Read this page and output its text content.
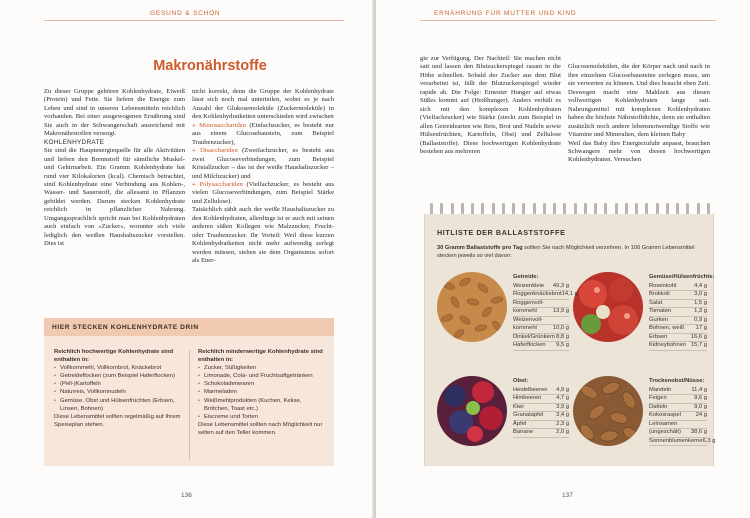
GESUND & SCHÖN
Makronährstoffe

Zu dieser Gruppe gehören Kohlenhydrate, Eiweiß (Protein) und Fette. Sie liefern die Energie zum Leben und sind in unseren Lebensmitteln reichlich vorhanden. Bei einer ausgewogenen Ernährung sind Sie auch in der Schwangerschaft ausreichend mit Makronährstoffen versorgt.

KOHLENHYDRATE

Sie sind die Hauptenergiequelle für alle Aktivitäten und liefern den Brennstoff für sämtliche Muskel- und Gehirnarbeit. Ein Gramm Kohlenhydrate hat rund vier Kilokalorien (kcal). Chemisch betrachtet, sind Kohlenhydrate eine Verbindung aus Kohlen-, Wasser- und Sauerstoff, die allesamt in Pflanzen gebildet werden. Darum stecken Kohlenhydrate reichlich in pflanzlicher Nahrung. Umgangssprachlich spricht man bei Kohlenhydraten auch einfach von »Zucker«, worunter sich viele lediglich den weißen Haushaltszucker vorstellen. Dies ist

nicht korrekt, denn die Gruppe der Kohlenhydrate lässt sich noch mal unterteilen, wobei es je nach Anzahl der Glukosemoleküle (Zuckermoleküle) in den Kohlenhydratketten unterschieden wird zwischen

+ Monosacchariden (Einfachzucker, es besteht nur aus einem Glucosebaustein, zum Beispiel Traubenzucker),

+ Disacchariden (Zweifachzucker, es besteht aus zwei Glucoseverbindungen, zum Beispiel Kristallzucker – das ist der weiße Haushaltszucker – und Milchzucker) und

+ Polysacchariden (Vielfachzucker, es besteht aus vielen Glucoseverbindungen, zum Beispiel Stärke und Zellulose).

Tatsächlich zählt auch der weiße Haushaltszucker zu den Kohlenhydraten, allerdings ist er auch mit seinen anderen süßen Kollegen wie Malzzucker, Frucht- oder Traubenzucker. Ihr Vorteil: Weil diese kurzen Kohlenhydratketten nicht mehr aufwendig zerlegt werden müssen, stehen sie dem Organismus sofort als Ener-

HIER STECKEN KOHLENHYDRATE DRIN
Reichlich hochwertige Kohlenhydrate sind enthalten in:
• Vollkornmehl, Vollkornbrot, Knäckebrot
• Getreideflocken (zum Beispiel Haferflocken)
• (Pell-)Kartoffeln
• Naturreis, Vollkornnudeln
• Gemüse, Obst und Hülsenfrüchten (Erbsen, Linsen, Bohnen)
Diese Lebensmittel sollten regelmäßig auf Ihrem Speiseplan stehen.
Reichlich minderwertige Kohlenhydrate sind enthalten in:
• Zucker, Süßigkeiten
• Limonade, Cola- und Fruchtsaftgetränken
• Schokoladenwaren
• Marmeladen
• Weißmehlprodukten (Kuchen, Kekse, Brötchen, Toast etc.)
• Eiscreme und Torten
Diese Lebensmittel sollten nach Möglichkeit nur selten auf den Teller kommen.
136
ERNÄHRUNG FÜR MUTTER UND KIND

gie zur Verfügung. Der Nachteil: Sie machen nicht satt und lassen den Blutzuckerspiegel rasant in die Höhe schnellen. Sobald der Zucker aus dem Blut verarbeitet ist, fällt der Blutzuckerspiegel wieder rapide ab. Die Folge: Erneuter Hunger auf etwas Süßes kommt auf (Heißhunger). Anders verhält es sich mit den komplexen Kohlenhydraten (Vielfachzucker) wie Stärke (steckt zum Beispiel in allen Getreidearten wie Reis, Brot und Nudeln sowie Hülsenfrüchten, Kartoffeln, Obst) und Zellulose (Ballaststoffe). Diese hochwertigen Kohlenhydrate bestehen aus mehreren

Glucosemolekülen, die der Körper nach und nach in ihre einzelnen Glucosebausteine zerlegen muss, um sie verwerten zu können. Und dies braucht eben Zeit. Deswegen macht eine Mahlzeit aus diesen vollwertigen Kohlenhydraten lange satt. Nahrungsmittel mit komplexen Kohlenhydraten haben die höchste Nährstoffdichte, denn sie enthalten zusätzlich noch andere lebensnotwendige Stoffe wie Vitamine und Mineralien, dem kleinen Baby
Weil das Baby ihre Energiezufuhr anpasst, brauchen Schwangere mehr von diesen hochwertigen Kohlenhydraten. Versuchen

HITLISTE DER BALLASTSTOFFE
30 Gramm Ballaststoffe pro Tag sollten Sie nach Möglichkeit verzehren. In 100 Gramm Lebensmittel stecken jeweils so viel davon:
Getreide:
Weizenkleie 49,3 g
Roggenknäckebrot 14,1 g
Roggenvoll-
kornmehl	13,9 g
Weizenvoll-
kornmehl	10,0 g
Dinkel/Grünkern 8,8 g
Haferflocken 9,5 g
Gemüse/Hülsenfrüchte:
Rosenkohl	4,4 g
Brokkoli	3,0 g
Salat	1,5 g
Tomaten	1,3 g
Gurken	0,9 g
Bohnen, weiß 17 g
Erbsen	16,6 g
Kidneybohnen 15,7 g
Obst:
Heidelbeeren 4,9 g
Himbeeren	4,7 g
Kiwi	3,9 g
Granatapfel 3,4 g
Äpfel	2,3 g
Banane	2,0 g
Trockenobst/Nüsse:
Mandeln	11,4 g
Feigen	9,6 g
Datteln	9,0 g
Kokosraspel	24 g
Leinsamen
(ungeschält) 38,6 g
Sonnenblumenkerne 6,3 g
137
